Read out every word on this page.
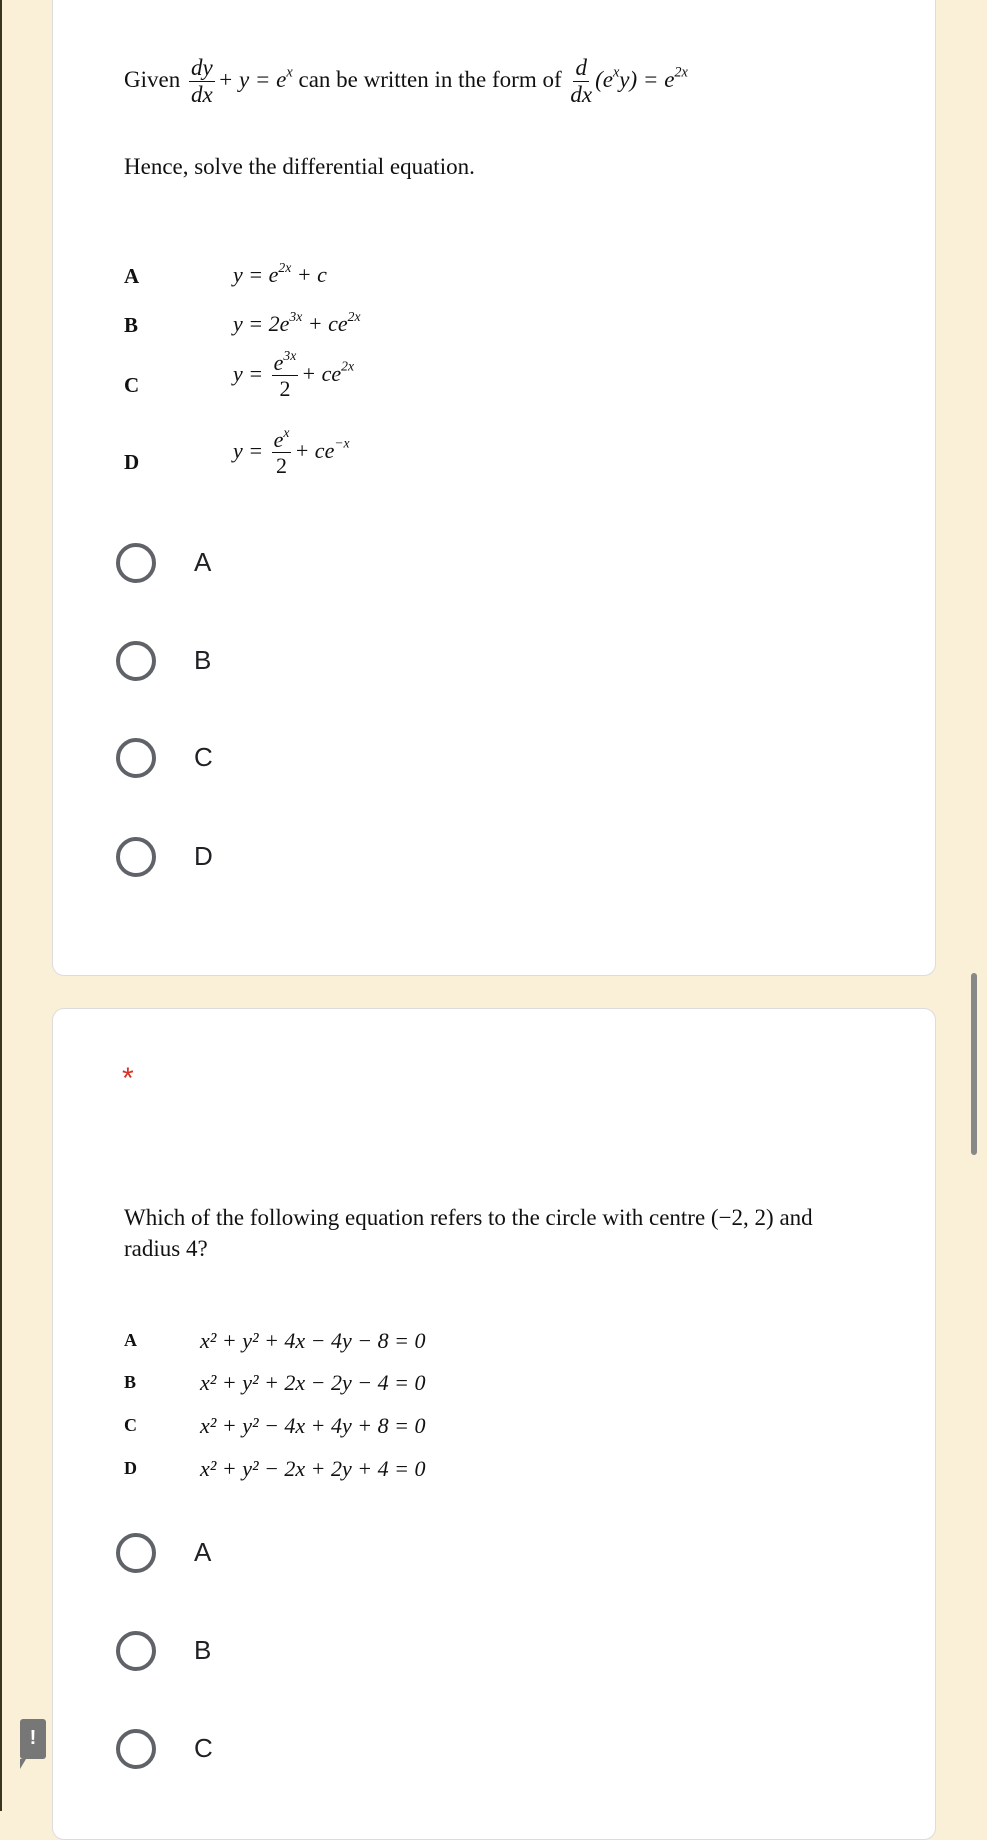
Given $\frac{dy}{dx} + y = e^x$ can be written in the form of $\frac{d}{dx} (e^xy) = e^{2x}$
Hence, solve the differential equation.
A	$y = e^{2x} + c$
B	$y = 2e^{3x} + ce^{2x}$
C	$y = \frac{e^{3x}}{2} + ce^{2x}$
D	$y = \frac{e^x}{2} + ce^{-x}$
A
B
C
D
*
Which of the following equation refers to the circle with centre (−2, 2) and
radius 4?
A	x² + y² + 4x − 4y − 8 = 0
B	x² + y² + 2x − 2y − 4 = 0
C	x² + y² − 4x + 4y + 8 = 0
D	x² + y² − 2x + 2y + 4 = 0
A
B
C
!
